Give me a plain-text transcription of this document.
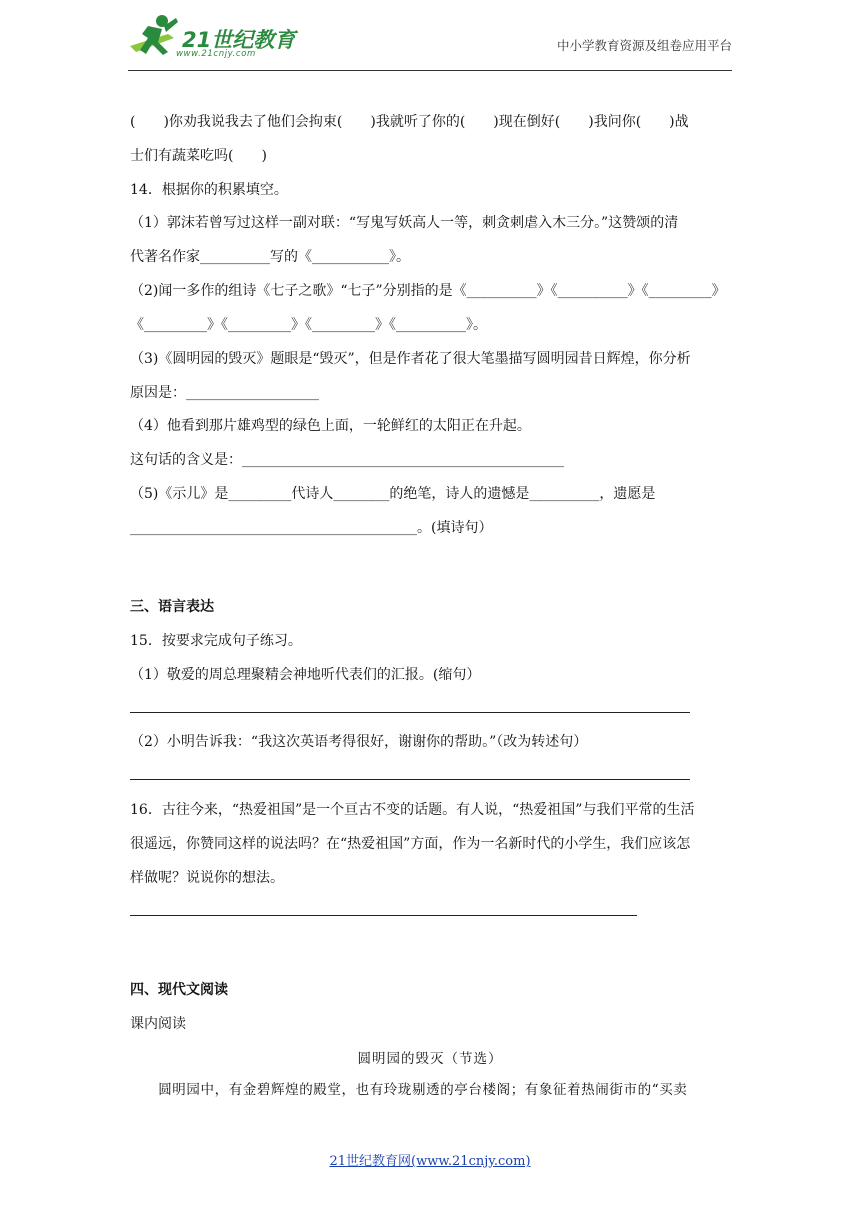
21世纪教育
www.21cnjy.com
中小学教育资源及组卷应用平台
(　　)你劝我说我去了他们会拘束(　　)我就听了你的(　　)现在倒好(　　)我问你(　　)战
士们有蔬菜吃吗(　　)
14．根据你的积累填空。
（1）郭沫若曾写过这样一副对联：“写鬼写妖高人一等，刺贪刺虐入木三分。”这赞颂的清
代著名作家__________写的《___________》。
（2)闻一多作的组诗《七子之歌》“七子”分别指的是《__________》《__________》《_________》
《_________》《_________》《_________》《__________》。
（3)《圆明园的毁灭》题眼是“毁灭”，但是作者花了很大笔墨描写圆明园昔日辉煌，你分析
原因是：___________________
（4）他看到那片雄鸡型的绿色上面，一轮鲜红的太阳正在升起。
这句话的含义是：______________________________________________
（5)《示儿》是_________代诗人________的绝笔，诗人的遗憾是__________，遗愿是
_________________________________________。(填诗句）
三、语言表达
15．按要求完成句子练习。
（1）敬爱的周总理聚精会神地听代表们的汇报。(缩句）
（2）小明告诉我：“我这次英语考得很好，谢谢你的帮助。”（改为转述句）
16．古往今来，“热爱祖国”是一个亘古不变的话题。有人说，“热爱祖国”与我们平常的生活
很遥远，你赞同这样的说法吗？在“热爱祖国”方面，作为一名新时代的小学生，我们应该怎
样做呢？说说你的想法。
四、现代文阅读
课内阅读
圆明园的毁灭（节选）
　　圆明园中，有金碧辉煌的殿堂，也有玲珑剔透的亭台楼阁；有象征着热闹街市的“买卖
21世纪教育网(www.21cnjy.com)
